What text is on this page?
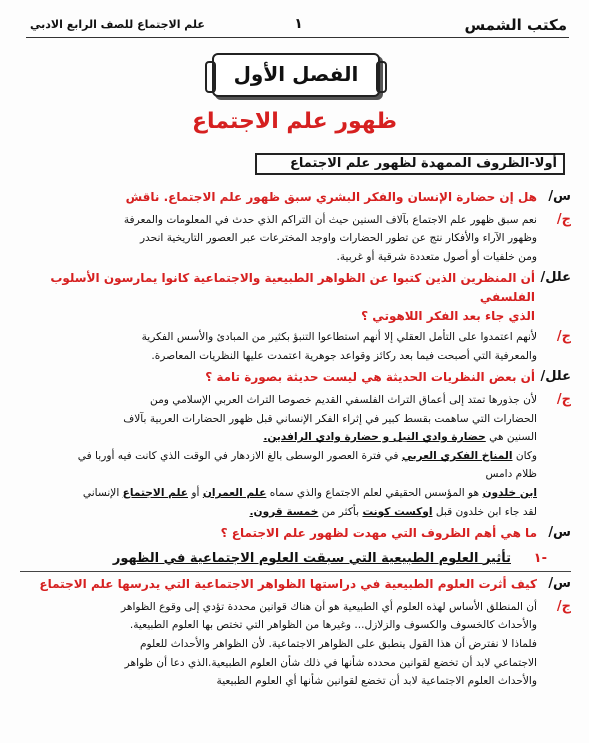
مكتب الشمس
١
علم الاجتماع للصف الرابع الادبي
الفصل الأول
ظهور علم الاجتماع
أولا-الظروف الممهدة لظهور علم الاجتماع
س/
هل إن حضارة الإنسان والفكر البشري سبق ظهور علم الاجتماع. ناقش
ج/

نعم سبق ظهور علم الاجتماع بآلاف السنين حيث أن التراكم الذي حدث في المعلومات والمعرفة

وظهور الآراء والأفكار نتج عن تطور الحضارات واوجد المخترعات عبر العصور التاريخية انحدر

ومن خلفيات أو أصول متعددة شرقية أو غربية.

علل/
أن المنظرين الذين كتبوا عن الظواهر الطبيعية والاجتماعية كانوا يمارسون الأسلوب الفلسفي
الذي جاء بعد الفكر اللاهوتي ؟
ج/

لأنهم اعتمدوا على التأمل العقلي إلا أنهم استطاعوا التنبؤ بكثير من المبادئ والأسس الفكرية

والمعرفية التي أصبحت فيما بعد ركائز وقواعد جوهرية اعتمدت عليها النظريات المعاصرة.

علل/
أن بعض النظريات الحديثة هي ليست حديثة بصورة تامة ؟
ج/

لأن جذورها تمتد إلى أعماق التراث الفلسفي القديم خصوصا التراث العربي الإسلامي ومن

الحضارات التي ساهمت بقسط كبير في إثراء الفكر الإنساني قبل ظهور الحضارات العربية بآلاف

السنين هي حضارة وادي النيل و حضارة وادي الرافدين.

وكان المناخ الفكري العربي في فترة العصور الوسطى بالغ الازدهار في الوقت الذي كانت فيه أوربا في

ظلام دامس

ابن خلدون هو المؤسس الحقيقي لعلم الاجتماع والذي سماه علم العمران أو علم الاجتماع الإنساني

لقد جاء ابن خلدون قبل اوكست كونت بأكثر من خمسة قرون.

س/
ما هي أهم الظروف التي مهدت لظهور علم الاجتماع ؟
-١
تأثير العلوم الطبيعية التي سبقت العلوم الاجتماعية في الظهور
س/
كيف أثرت العلوم الطبيعية في دراستها الظواهر الاجتماعية التي يدرسها علم الاجتماع
ج/

أن المنطلق الأساس لهذه العلوم أي الطبيعية هو أن هناك قوانين محددة تؤدي إلى وقوع الظواهر

والأحداث كالخسوف والكسوف والزلازل... وغيرها من الظواهر التي تختص بها العلوم الطبيعية.

فلماذا لا نفترض أن هذا القول ينطبق على الظواهر الاجتماعية. لأن الظواهر والأحداث للعلوم

الاجتماعي لابد أن تخضع لقوانين محدده شأنها في ذلك شأن العلوم الطبيعية.الذي دعا أن ظواهر

والأحداث العلوم الاجتماعية لابد أن تخضع لقوانين شأنها أي العلوم الطبيعية
